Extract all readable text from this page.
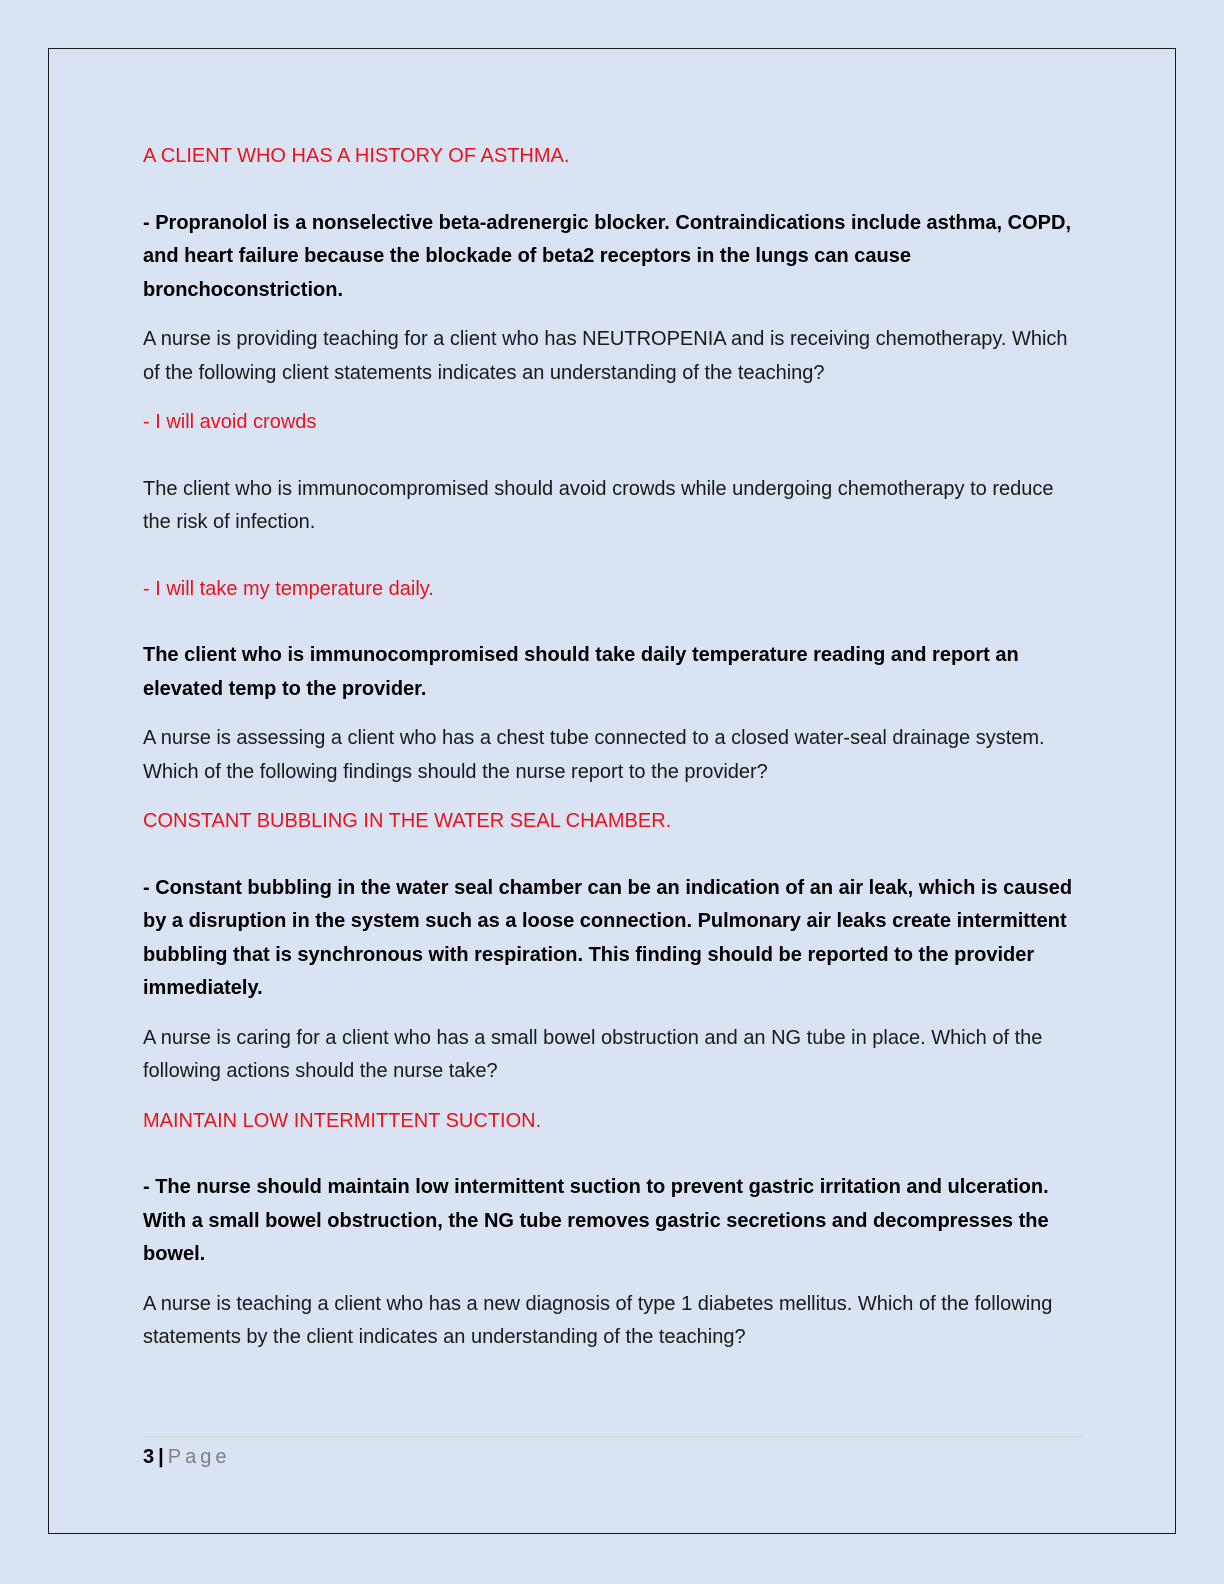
A CLIENT WHO HAS A HISTORY OF ASTHMA.

- Propranolol is a nonselective beta-adrenergic blocker. Contraindications include asthma, COPD, and heart failure because the blockade of beta2 receptors in the lungs can cause bronchoconstriction.

A nurse is providing teaching for a client who has NEUTROPENIA and is receiving chemotherapy. Which of the following client statements indicates an understanding of the teaching?

- I will avoid crowds

The client who is immunocompromised should avoid crowds while undergoing chemotherapy to reduce the risk of infection.

- I will take my temperature daily.

The client who is immunocompromised should take daily temperature reading and report an elevated temp to the provider.

A nurse is assessing a client who has a chest tube connected to a closed water-seal drainage system. Which of the following findings should the nurse report to the provider?

CONSTANT BUBBLING IN THE WATER SEAL CHAMBER.

- Constant bubbling in the water seal chamber can be an indication of an air leak, which is caused by a disruption in the system such as a loose connection. Pulmonary air leaks create intermittent bubbling that is synchronous with respiration. This finding should be reported to the provider immediately.

A nurse is caring for a client who has a small bowel obstruction and an NG tube in place. Which of the following actions should the nurse take?

MAINTAIN LOW INTERMITTENT SUCTION.

- The nurse should maintain low intermittent suction to prevent gastric irritation and ulceration. With a small bowel obstruction, the NG tube removes gastric secretions and decompresses the bowel.

A nurse is teaching a client who has a new diagnosis of type 1 diabetes mellitus. Which of the following statements by the client indicates an understanding of the teaching?

3 | Page
